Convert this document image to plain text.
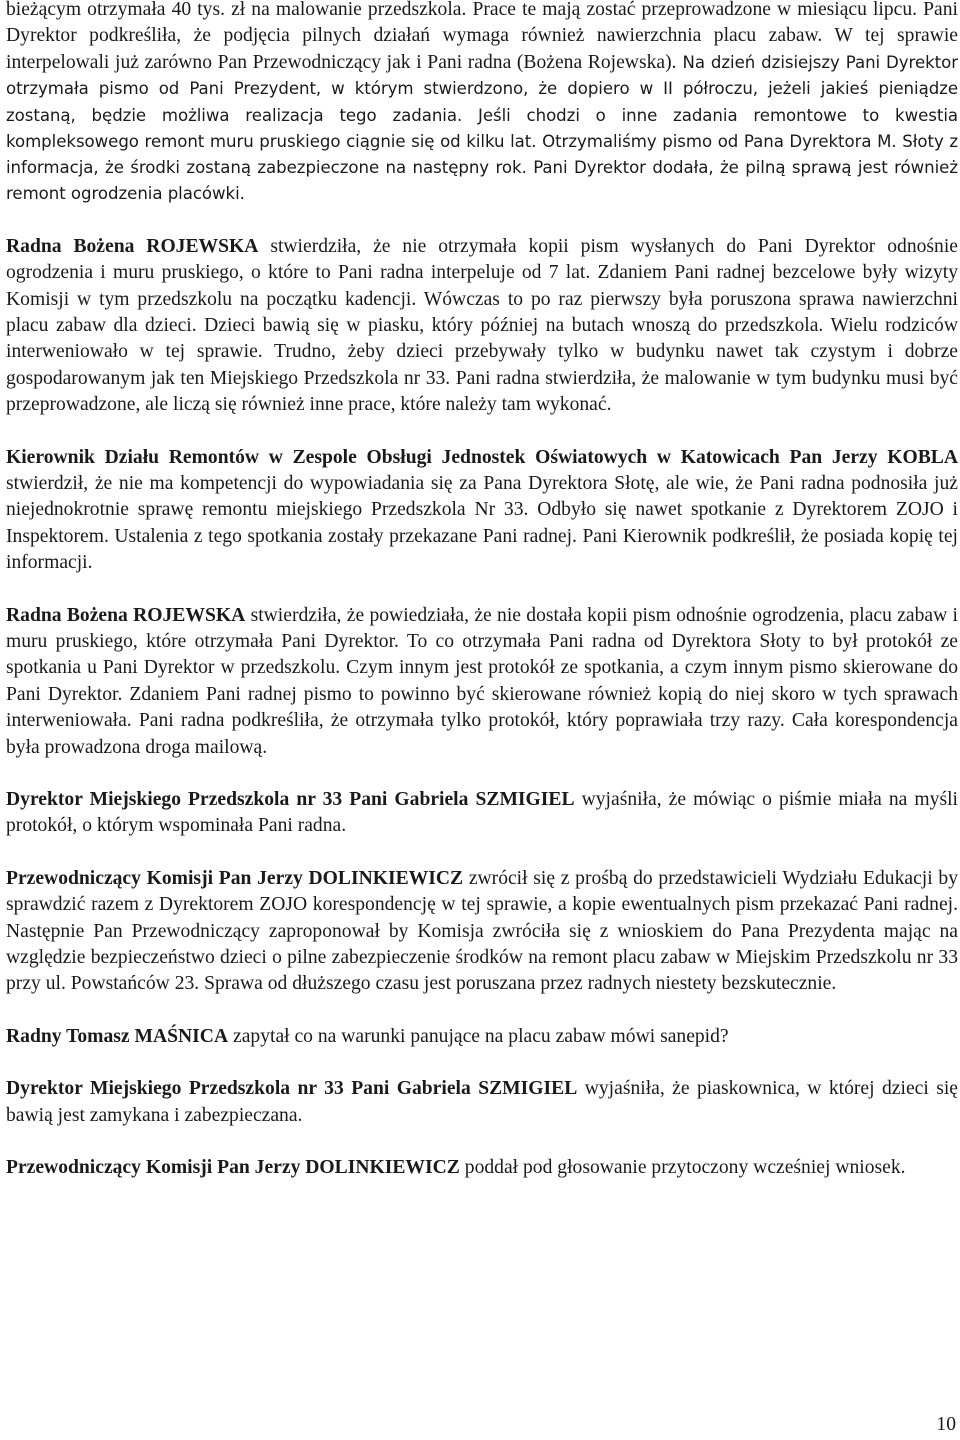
bieżącym otrzymała 40 tys. zł na malowanie przedszkola. Prace te mają zostać przeprowadzone w miesiącu lipcu. Pani Dyrektor podkreśliła, że podjęcia pilnych działań wymaga również nawierzchnia placu zabaw. W tej sprawie interpelowali już zarówno Pan Przewodniczący jak i Pani radna (Bożena Rojewska). Na dzień dzisiejszy Pani Dyrektor otrzymała pismo od Pani Prezydent, w którym stwierdzono, że dopiero w II półroczu, jeżeli jakieś pieniądze zostaną, będzie możliwa realizacja tego zadania. Jeśli chodzi o inne zadania remontowe to kwestia kompleksowego remont muru pruskiego ciągnie się od kilku lat. Otrzymaliśmy pismo od Pana Dyrektora M. Słoty z informacja, że środki zostaną zabezpieczone na następny rok. Pani Dyrektor dodała, że pilną sprawą jest również remont ogrodzenia placówki.

Radna Bożena ROJEWSKA stwierdziła, że nie otrzymała kopii pism wysłanych do Pani Dyrektor odnośnie ogrodzenia i muru pruskiego, o które to Pani radna interpeluje od 7 lat. Zdaniem Pani radnej bezcelowe były wizyty Komisji w tym przedszkolu na początku kadencji. Wówczas to po raz pierwszy była poruszona sprawa nawierzchni placu zabaw dla dzieci. Dzieci bawią się w piasku, który później na butach wnoszą do przedszkola. Wielu rodziców interweniowało w tej sprawie. Trudno, żeby dzieci przebywały tylko w budynku nawet tak czystym i dobrze gospodarowanym jak ten Miejskiego Przedszkola nr 33. Pani radna stwierdziła, że malowanie w tym budynku musi być przeprowadzone, ale liczą się również inne prace, które należy tam wykonać.

Kierownik Działu Remontów w Zespole Obsługi Jednostek Oświatowych w Katowicach Pan Jerzy KOBLA stwierdził, że nie ma kompetencji do wypowiadania się za Pana Dyrektora Słotę, ale wie, że Pani radna podnosiła już niejednokrotnie sprawę remontu miejskiego Przedszkola Nr 33. Odbyło się nawet spotkanie z Dyrektorem ZOJO i Inspektorem. Ustalenia z tego spotkania zostały przekazane Pani radnej. Pani Kierownik podkreślił, że posiada kopię tej informacji.

Radna Bożena ROJEWSKA stwierdziła, że powiedziała, że nie dostała kopii pism odnośnie ogrodzenia, placu zabaw i muru pruskiego, które otrzymała Pani Dyrektor. To co otrzymała Pani radna od Dyrektora Słoty to był protokół ze spotkania u Pani Dyrektor w przedszkolu. Czym innym jest protokół ze spotkania, a czym innym pismo skierowane do Pani Dyrektor. Zdaniem Pani radnej pismo to powinno być skierowane również kopią do niej skoro w tych sprawach interweniowała. Pani radna podkreśliła, że otrzymała tylko protokół, który poprawiała trzy razy. Cała korespondencja była prowadzona droga mailową.

Dyrektor Miejskiego Przedszkola nr 33 Pani Gabriela SZMIGIEL wyjaśniła, że mówiąc o piśmie miała na myśli protokół, o którym wspominała Pani radna.

Przewodniczący Komisji Pan Jerzy DOLINKIEWICZ zwrócił się z prośbą do przedstawicieli Wydziału Edukacji by sprawdzić razem z Dyrektorem ZOJO korespondencję w tej sprawie, a kopie ewentualnych pism przekazać Pani radnej. Następnie Pan Przewodniczący zaproponował by Komisja zwróciła się z wnioskiem do Pana Prezydenta mając na względzie bezpieczeństwo dzieci o pilne zabezpieczenie środków na remont placu zabaw w Miejskim Przedszkolu nr 33 przy ul. Powstańców 23. Sprawa od dłuższego czasu jest poruszana przez radnych niestety bezskutecznie.

Radny Tomasz MAŚNICA zapytał co na warunki panujące na placu zabaw mówi sanepid?

Dyrektor Miejskiego Przedszkola nr 33 Pani Gabriela SZMIGIEL wyjaśniła, że piaskownica, w której dzieci się bawią jest zamykana i zabezpieczana.

Przewodniczący Komisji Pan Jerzy DOLINKIEWICZ poddał pod głosowanie przytoczony wcześniej wniosek.

10
